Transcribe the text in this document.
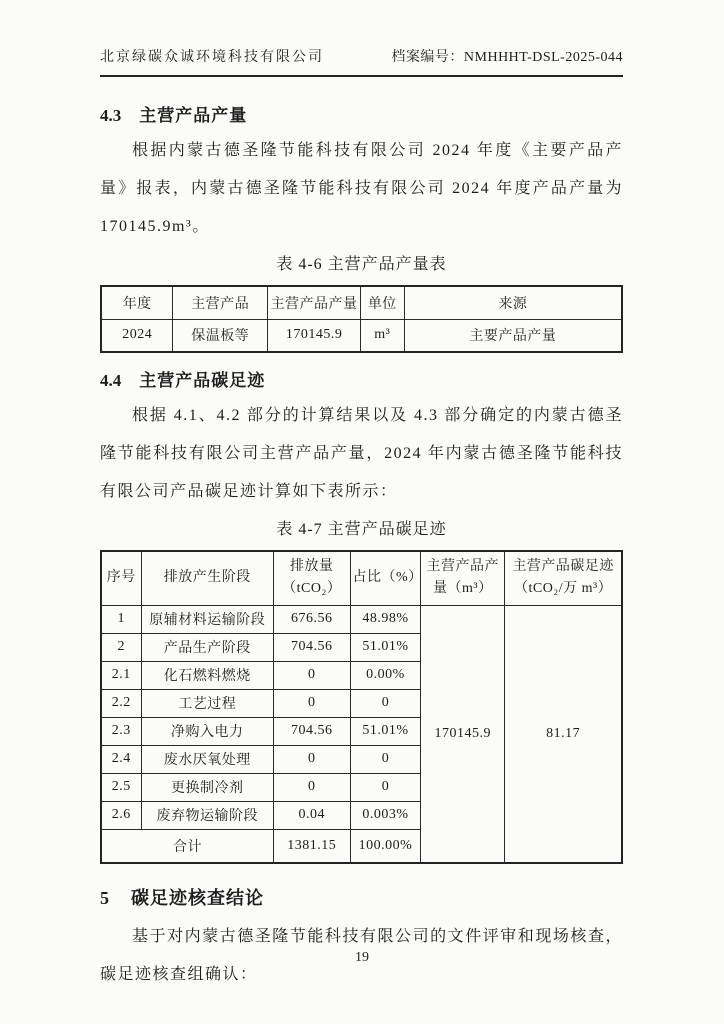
北京绿碳众诚环境科技有限公司	档案编号：NMHHHT-DSL-2025-044
4.3 主营产品产量

根据内蒙古德圣隆节能科技有限公司 2024 年度《主要产品产量》报表，内蒙古德圣隆节能科技有限公司 2024 年度产品产量为 170145.9m³。

表 4-6 主营产品产量表
年度	主营产品	主营产品产量	单位	来源
2024	保温板等	170145.9	m³	主要产品产量
4.4 主营产品碳足迹

根据 4.1、4.2 部分的计算结果以及 4.3 部分确定的内蒙古德圣隆节能科技有限公司主营产品产量，2024 年内蒙古德圣隆节能科技有限公司产品碳足迹计算如下表所示：

表 4-7 主营产品碳足迹
序号	排放产生阶段	排放量（tCO₂）	占比（%）	主营产品产量（m³）	主营产品碳足迹（tCO₂/万 m³）
1	原辅材料运输阶段	676.56	48.98%	170145.9	81.17
2	产品生产阶段	704.56	51.01%		
2.1	化石燃料燃烧	0	0.00%		
2.2	工艺过程	0	0		
2.3	净购入电力	704.56	51.01%		
2.4	废水厌氧处理	0	0		
2.5	更换制冷剂	0	0		
2.6	废弃物运输阶段	0.04	0.003%		
合计		1381.15	100.00%		
5 碳足迹核查结论

基于对内蒙古德圣隆节能科技有限公司的文件评审和现场核查，碳足迹核查组确认：

19
